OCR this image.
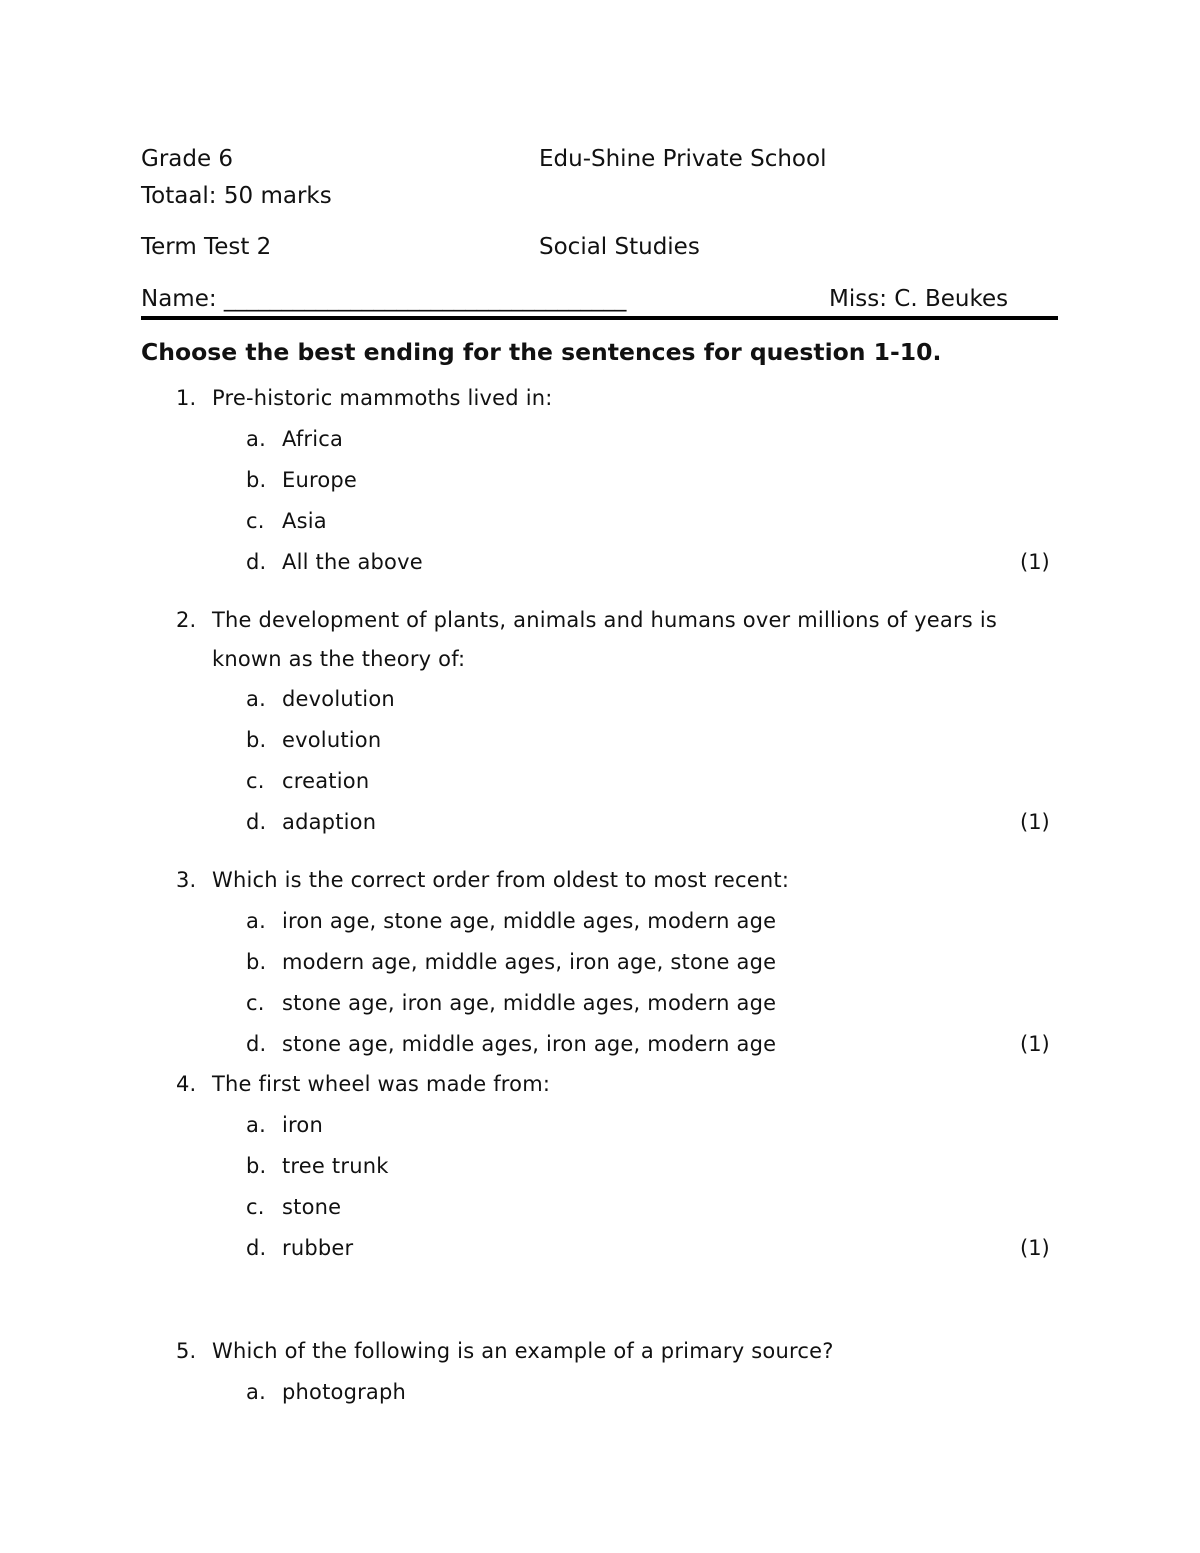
Grade 6
Totaal: 50 marks
Term Test 2
Name: ___________________________________
Edu-Shine Private School
Social Studies
Miss: C. Beukes
Choose the best ending for the sentences for question 1-10.
1. Pre-historic mammoths lived in:
a. Africa
b. Europe
c. Asia
d. All the above	(1)
2. The development of plants, animals and humans over millions of years is
known as the theory of:
a. devolution
b. evolution
c. creation
d. adaption	(1)
3. Which is the correct order from oldest to most recent:
a. iron age, stone age, middle ages, modern age
b. modern age, middle ages, iron age, stone age
c. stone age, iron age, middle ages, modern age
d. stone age, middle ages, iron age, modern age	(1)
4. The first wheel was made from:
a. iron
b. tree trunk
c. stone
d. rubber	(1)
5. Which of the following is an example of a primary source?
a. photograph
